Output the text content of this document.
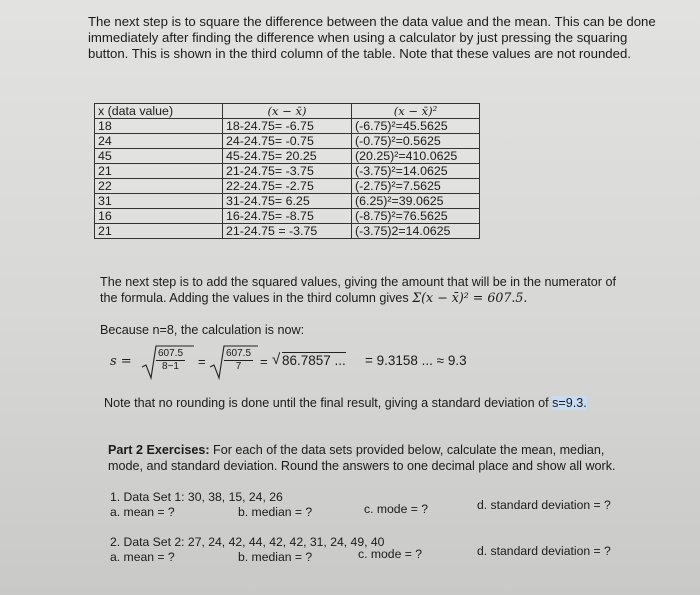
The next step is to square the difference between the data value and the mean. This can be done immediately after finding the difference when using a calculator by just pressing the squaring button. This is shown in the third column of the table. Note that these values are not rounded.
x (data value)	(x − x̄)	(x − x̄)²
18	18-24.75= -6.75	(-6.75)²=45.5625
24	24-24.75= -0.75	(-0.75)²=0.5625
45	45-24.75= 20.25	(20.25)²=410.0625
21	21-24.75= -3.75	(-3.75)²=14.0625
22	22-24.75= -2.75	(-2.75)²=7.5625
31	31-24.75= 6.25	(6.25)²=39.0625
16	16-24.75= -8.75	(-8.75)²=76.5625
21	21-24.75 = -3.75	(-3.75)2=14.0625
The next step is to add the squared values, giving the amount that will be in the numerator of
the formula. Adding the values in the third column gives Σ(x − x̄)² = 607.5.
Because n=8, the calculation is now:
$s = \frac{607.5}{8-1} = \frac{607.5}{7}$ = √ 86.7857 ... = 9.3158 ... ≈ 9.3
Note that no rounding is done until the final result, giving a standard deviation of s=9.3.
Part 2 Exercises: For each of the data sets provided below, calculate the mean, median,
mode, and standard deviation. Round the answers to one decimal place and show all work.
1. Data Set 1: 30, 38, 15, 24, 26
a. mean = ?	b. median = ?	c. mode = ?	d. standard deviation = ?
2. Data Set 2: 27, 24, 42, 44, 42, 42, 31, 24, 49, 40
a. mean = ?	b. median = ?	c. mode = ?	d. standard deviation = ?
